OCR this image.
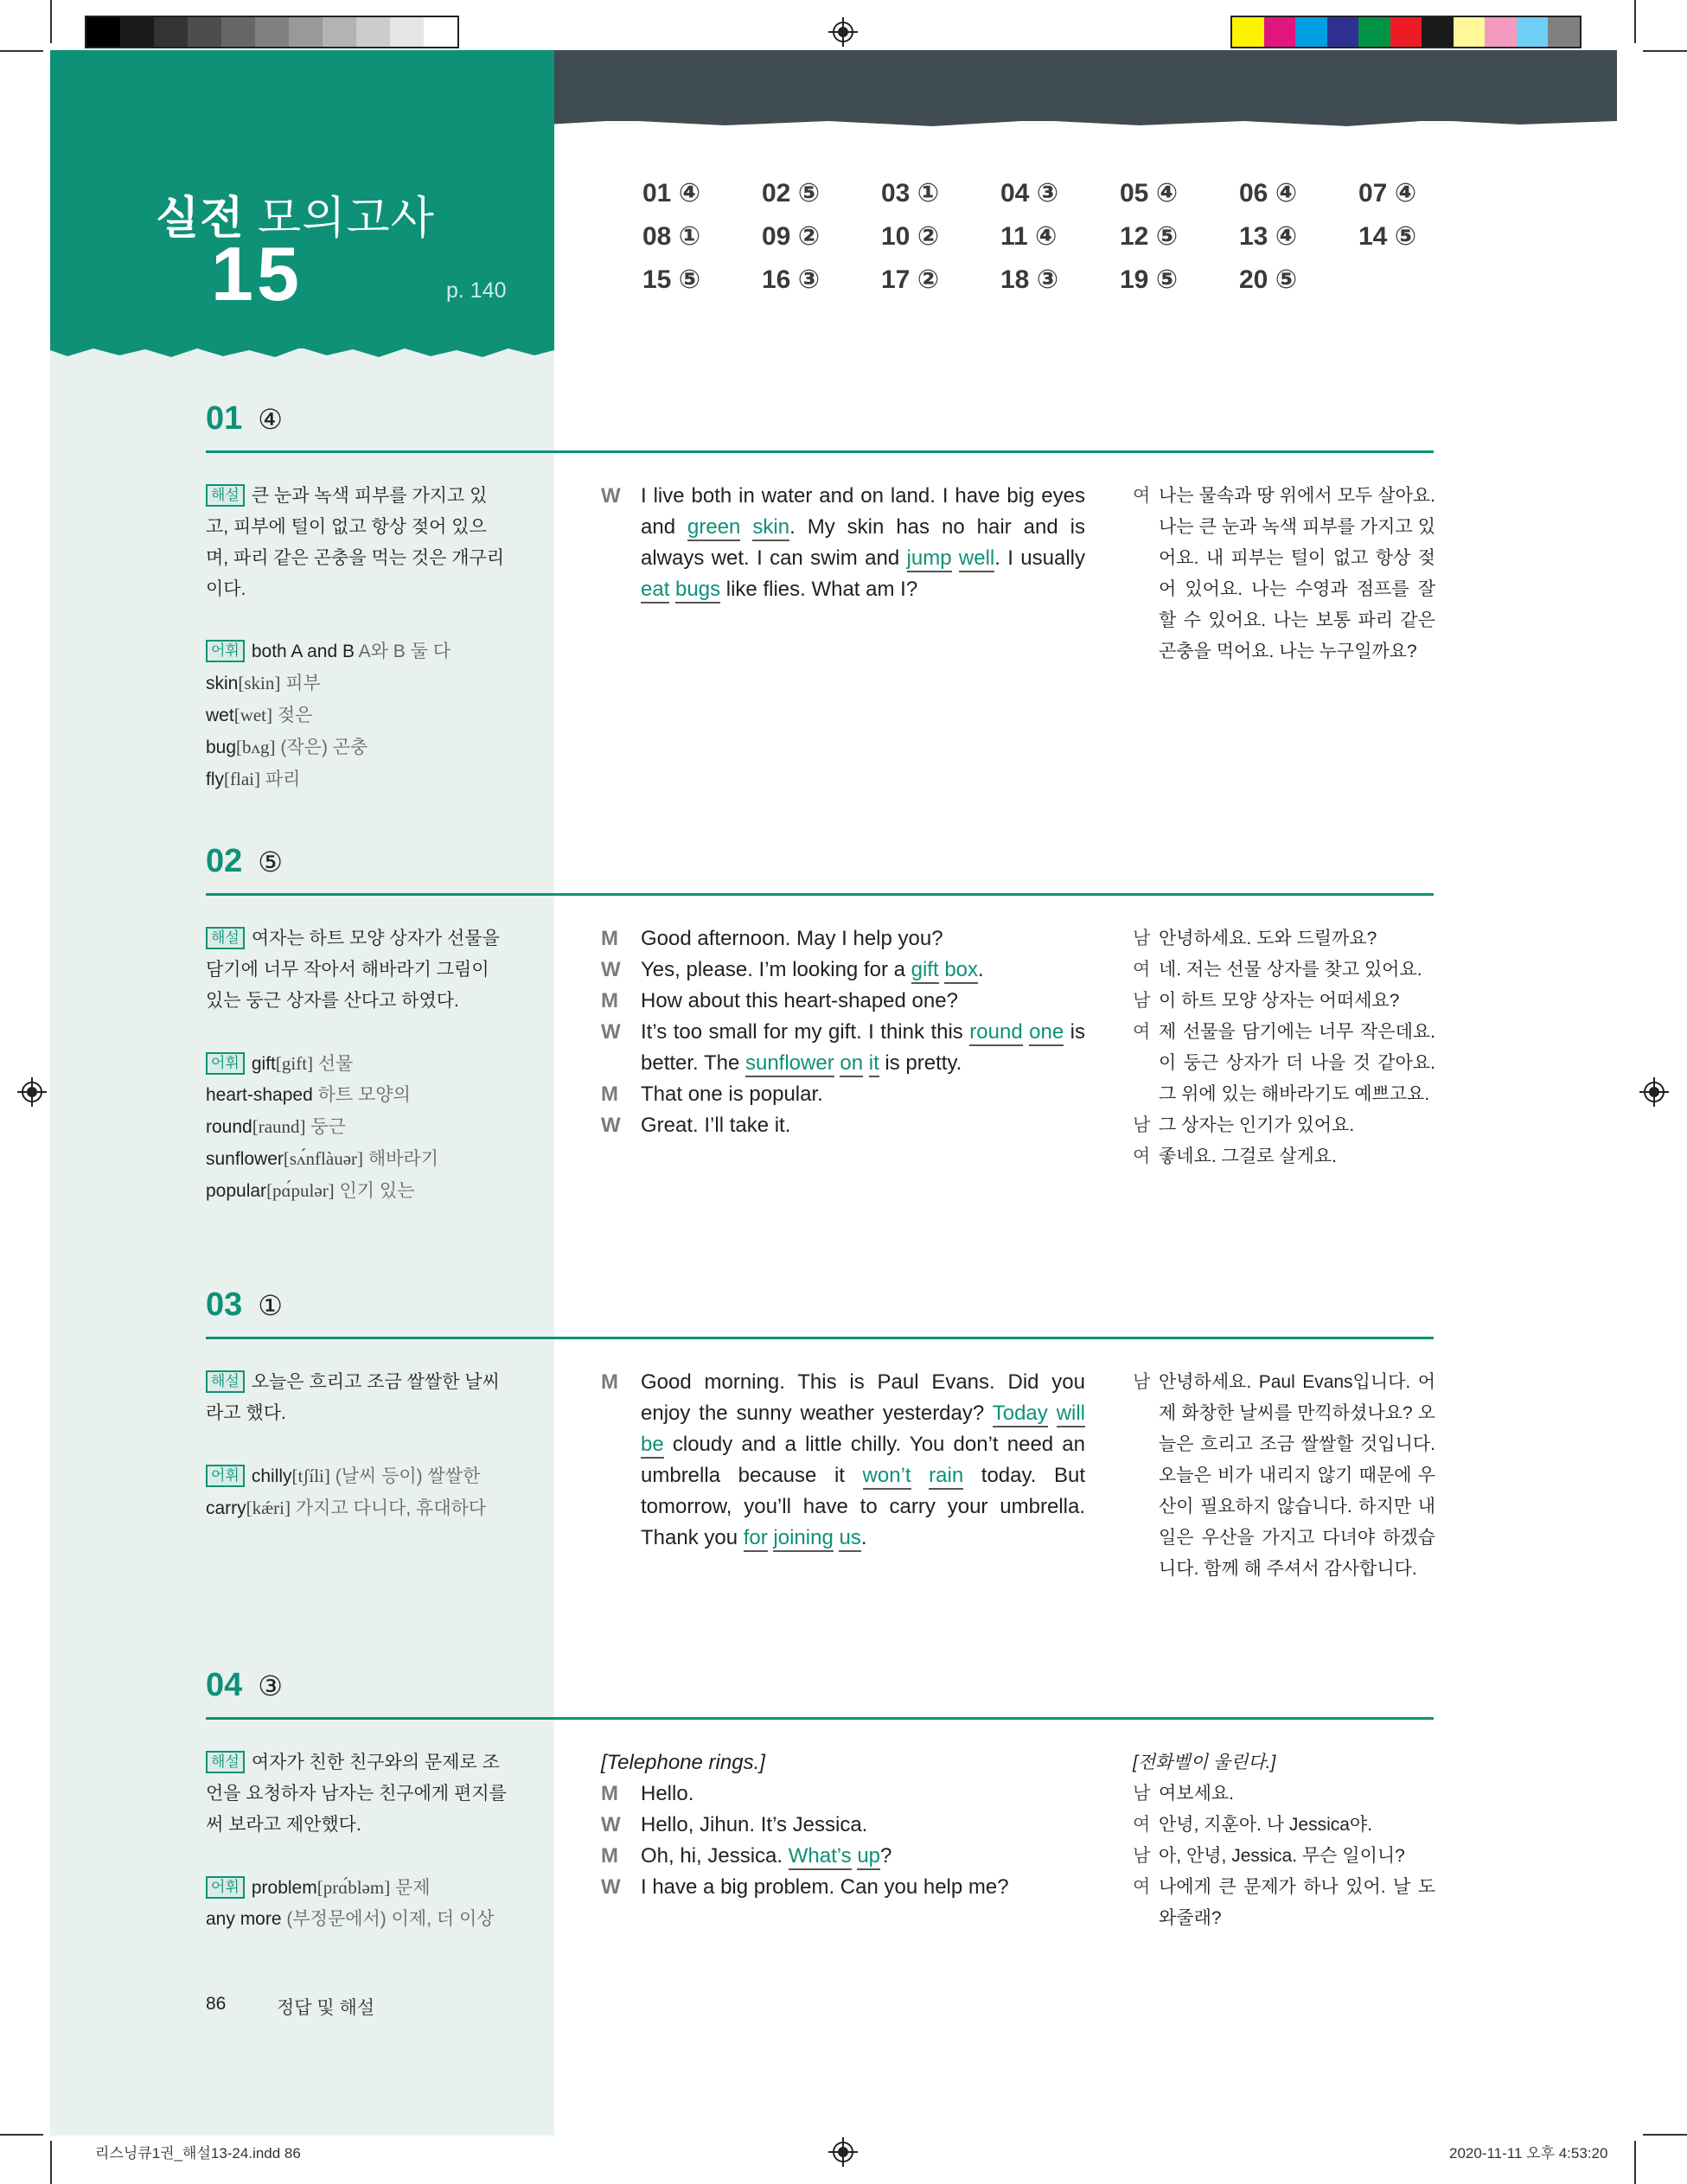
실전 모의고사
15	p. 140
01 ④	02 ⑤	03 ①	04 ③	05 ④	06 ④	07 ④
08 ①	09 ②	10 ②	11 ④	12 ⑤	13 ④	14 ⑤
15 ⑤	16 ③	17 ②	18 ③	19 ⑤	20 ⑤
01 ④
해설 큰 눈과 녹색 피부를 가지고 있고, 피부에 털이 없고 항상 젖어 있으며, 파리 같은 곤충을 먹는 것은 개구리이다.
어휘 both A and B A와 B 둘 다
skin[skin] 피부
wet[wet] 젖은
bug[bʌg] (작은) 곤충
fly[flai] 파리
W I live both in water and on land. I have big eyes and green skin. My skin has no hair and is always wet. I can swim and jump well. I usually eat bugs like flies. What am I?
여 나는 물속과 땅 위에서 모두 살아요. 나는 큰 눈과 녹색 피부를 가지고 있어요. 내 피부는 털이 없고 항상 젖어 있어요. 나는 수영과 점프를 잘 할 수 있어요. 나는 보통 파리 같은 곤충을 먹어요. 나는 누구일까요?
02 ⑤
해설 여자는 하트 모양 상자가 선물을 담기에 너무 작아서 해바라기 그림이 있는 둥근 상자를 산다고 하였다.
어휘 gift[gift] 선물
heart-shaped 하트 모양의
round[raund] 둥근
sunflower[sʌ́nflàuər] 해바라기
popular[pɑ́pulər] 인기 있는
M	Good afternoon. May I help you?
W Yes, please. I’m looking for a gift box.
M	How about this heart-shaped one?
W It’s too small for my gift. I think this round one is better. The sunflower on it is pretty.
M	That one is popular.
W Great. I’ll take it.
남 안녕하세요. 도와 드릴까요?
여 네. 저는 선물 상자를 찾고 있어요.
남 이 하트 모양 상자는 어떠세요?
여 제 선물을 담기에는 너무 작은데요. 이 둥근 상자가 더 나을 것 같아요. 그 위에 있는 해바라기도 예쁘고요.
남 그 상자는 인기가 있어요.
여 좋네요. 그걸로 살게요.
03 ①
해설 오늘은 흐리고 조금 쌀쌀한 날씨라고 했다.
어휘 chilly[tʃíli] (날씨 등이) 쌀쌀한
carry[kǽri] 가지고 다니다, 휴대하다
M	Good morning. This is Paul Evans. Did you enjoy the sunny weather yesterday? Today will be cloudy and a little chilly. You don’t need an umbrella because it won’t rain today. But tomorrow, you’ll have to carry your umbrella. Thank you for joining us.
남 안녕하세요. Paul Evans입니다. 어제 화창한 날씨를 만끽하셨나요? 오늘은 흐리고 조금 쌀쌀할 것입니다. 오늘은 비가 내리지 않기 때문에 우산이 필요하지 않습니다. 하지만 내일은 우산을 가지고 다녀야 하겠습니다. 함께 해 주셔서 감사합니다.
04 ③
해설 여자가 친한 친구와의 문제로 조언을 요청하자 남자는 친구에게 편지를 써 보라고 제안했다.
어휘 problem[prɑ́bləm] 문제
any more (부정문에서) 이제, 더 이상
[Telephone rings.]
M	Hello.
W Hello, Jihun. It’s Jessica.
M	Oh, hi, Jessica. What’s up?
W I have a big problem. Can you help me?
[전화벨이 울린다.]
남 여보세요.
여 안녕, 지훈아. 나 Jessica야.
남 아, 안녕, Jessica. 무슨 일이니?
여 나에게 큰 문제가 하나 있어. 날 도와줄래?
86	정답 및 해설
리스닝큐1권_해설13-24.indd 86	2020-11-11 오후 4:53:20
